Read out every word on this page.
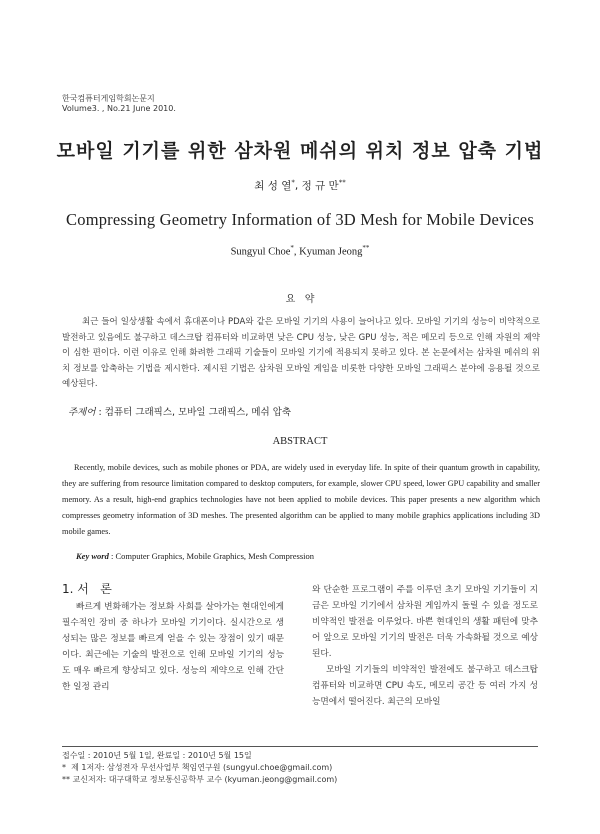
한국컴퓨터게임학회논문지
Volume3. , No.21 June 2010.
모바일 기기를 위한 삼차원 메쉬의 위치 정보 압축 기법
최 성 열*, 정 규 만**
Compressing Geometry Information of 3D Mesh for Mobile Devices
Sungyul Choe*, Kyuman Jeong**
요   약
최근 들어 일상생활 속에서 휴대폰이나 PDA와 같은 모바일 기기의 사용이 늘어나고 있다. 모바일 기기의 성능이 비약적으로 발전하고 있음에도 불구하고 데스크탑 컴퓨터와 비교하면 낮은 CPU 성능, 낮은 GPU 성능, 적은 메모리 등으로 인해 자원의 제약이 심한 편이다. 이런 이유로 인해 화려한 그래픽 기술들이 모바일 기기에 적용되지 못하고 있다. 본 논문에서는 삼차원 메쉬의 위치 정보를 압축하는 기법을 제시한다. 제시된 기법은 삼차원 모바일 게임을 비롯한 다양한 모바일 그래픽스 분야에 응용될 것으로 예상된다.
주제어 : 컴퓨터 그래픽스, 모바일 그래픽스, 메쉬 압축
ABSTRACT
Recently, mobile devices, such as mobile phones or PDA, are widely used in everyday life. In spite of their quantum growth in capability, they are suffering from resource limitation compared to desktop computers, for example, slower CPU speed, lower GPU capability and smaller memory. As a result, high-end graphics technologies have not been applied to mobile devices. This paper presents a new algorithm which compresses geometry information of 3D meshes. The presented algorithm can be applied to many mobile graphics applications including 3D mobile games.
Key word : Computer Graphics, Mobile Graphics, Mesh Compression
1. 서   론

빠르게 변화해가는 정보화 사회를 살아가는 현대인에게 필수적인 장비 중 하나가 모바일 기기이다. 실시간으로 생성되는 많은 정보를 빠르게 얻을 수 있는 장점이 있기 때문이다. 최근에는 기술의 발전으로 인해 모바일 기기의 성능도 매우 빠르게 향상되고 있다. 성능의 제약으로 인해 간단한 일정 관리

와 단순한 프로그램이 주를 이루던 초기 모바일 기기들이 지금은 모바일 기기에서 삼차원 게임까지 돌릴 수 있을 정도로 비약적인 발전을 이루었다. 바쁜 현대인의 생활 패턴에 맞추어 앞으로 모바일 기기의 발전은 더욱 가속화될 것으로 예상된다.

모바일 기기들의 비약적인 발전에도 불구하고 데스크탑 컴퓨터와 비교하면 CPU 속도, 메모리 공간 등 여러 가지 성능면에서 떨어진다. 최근의 모바일

접수일 : 2010년 5월 1일, 완료일 : 2010년 5월 15일
*  제 1저자: 삼성전자 무선사업부 책임연구원 (sungyul.choe@gmail.com)
** 교신저자: 대구대학교 정보통신공학부 교수 (kyuman.jeong@gmail.com)
